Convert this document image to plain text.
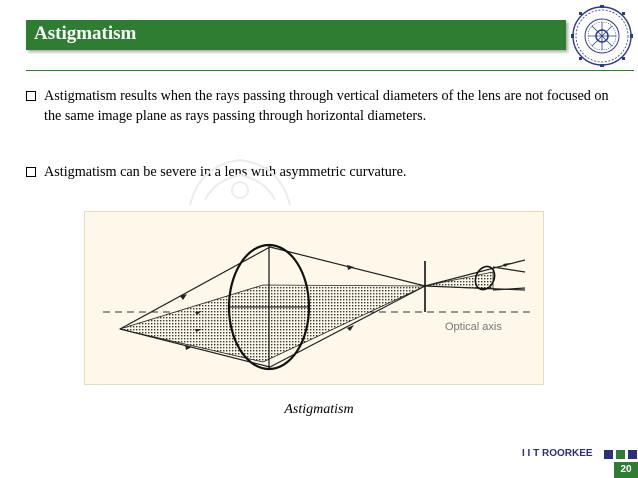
Astigmatism
Astigmatism results when the rays passing through vertical diameters of the lens are not focused on the same image plane as rays passing through horizontal diameters.
Astigmatism can be severe in a lens with asymmetric curvature.
Optical axis
Astigmatism
I I T ROORKEE
20
